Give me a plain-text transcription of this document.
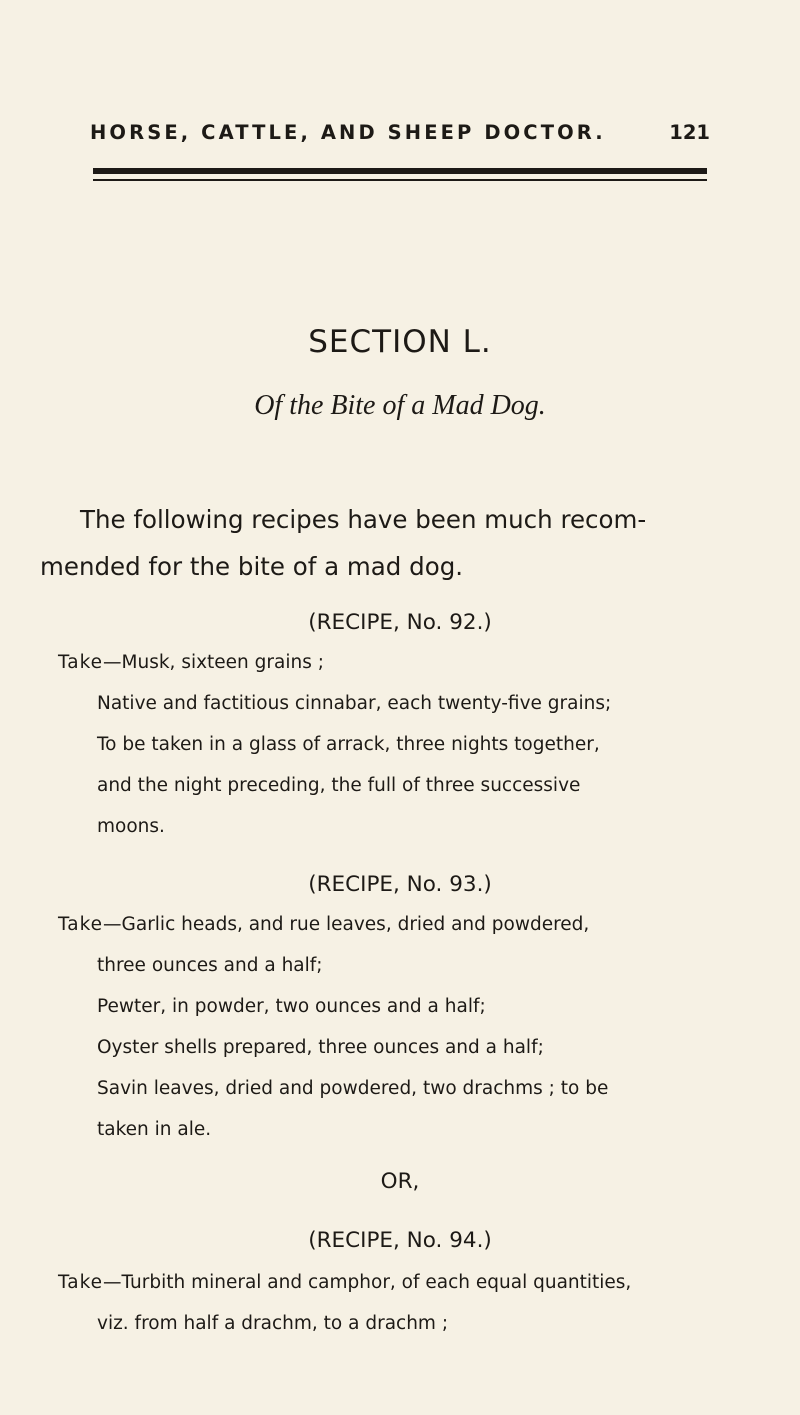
HORSE, CATTLE, AND SHEEP DOCTOR.	121
SECTION L.
Of the Bite of a Mad Dog.
The following recipes have been much recom-
mended for the bite of a mad dog.
(RECIPE, No. 92.)
Take—Musk, sixteen grains ;
Native and factitious cinnabar, each twenty-five grains;
To be taken in a glass of arrack, three nights together,
and the night preceding, the full of three successive
moons.
(RECIPE, No. 93.)
Take—Garlic heads, and rue leaves, dried and powdered,
three ounces and a half;
Pewter, in powder, two ounces and a half;
Oyster shells prepared, three ounces and a half;
Savin leaves, dried and powdered, two drachms ; to be
taken in ale.
OR,
(RECIPE, No. 94.)
Take—Turbith mineral and camphor, of each equal quantities,
viz. from half a drachm, to a drachm ;
